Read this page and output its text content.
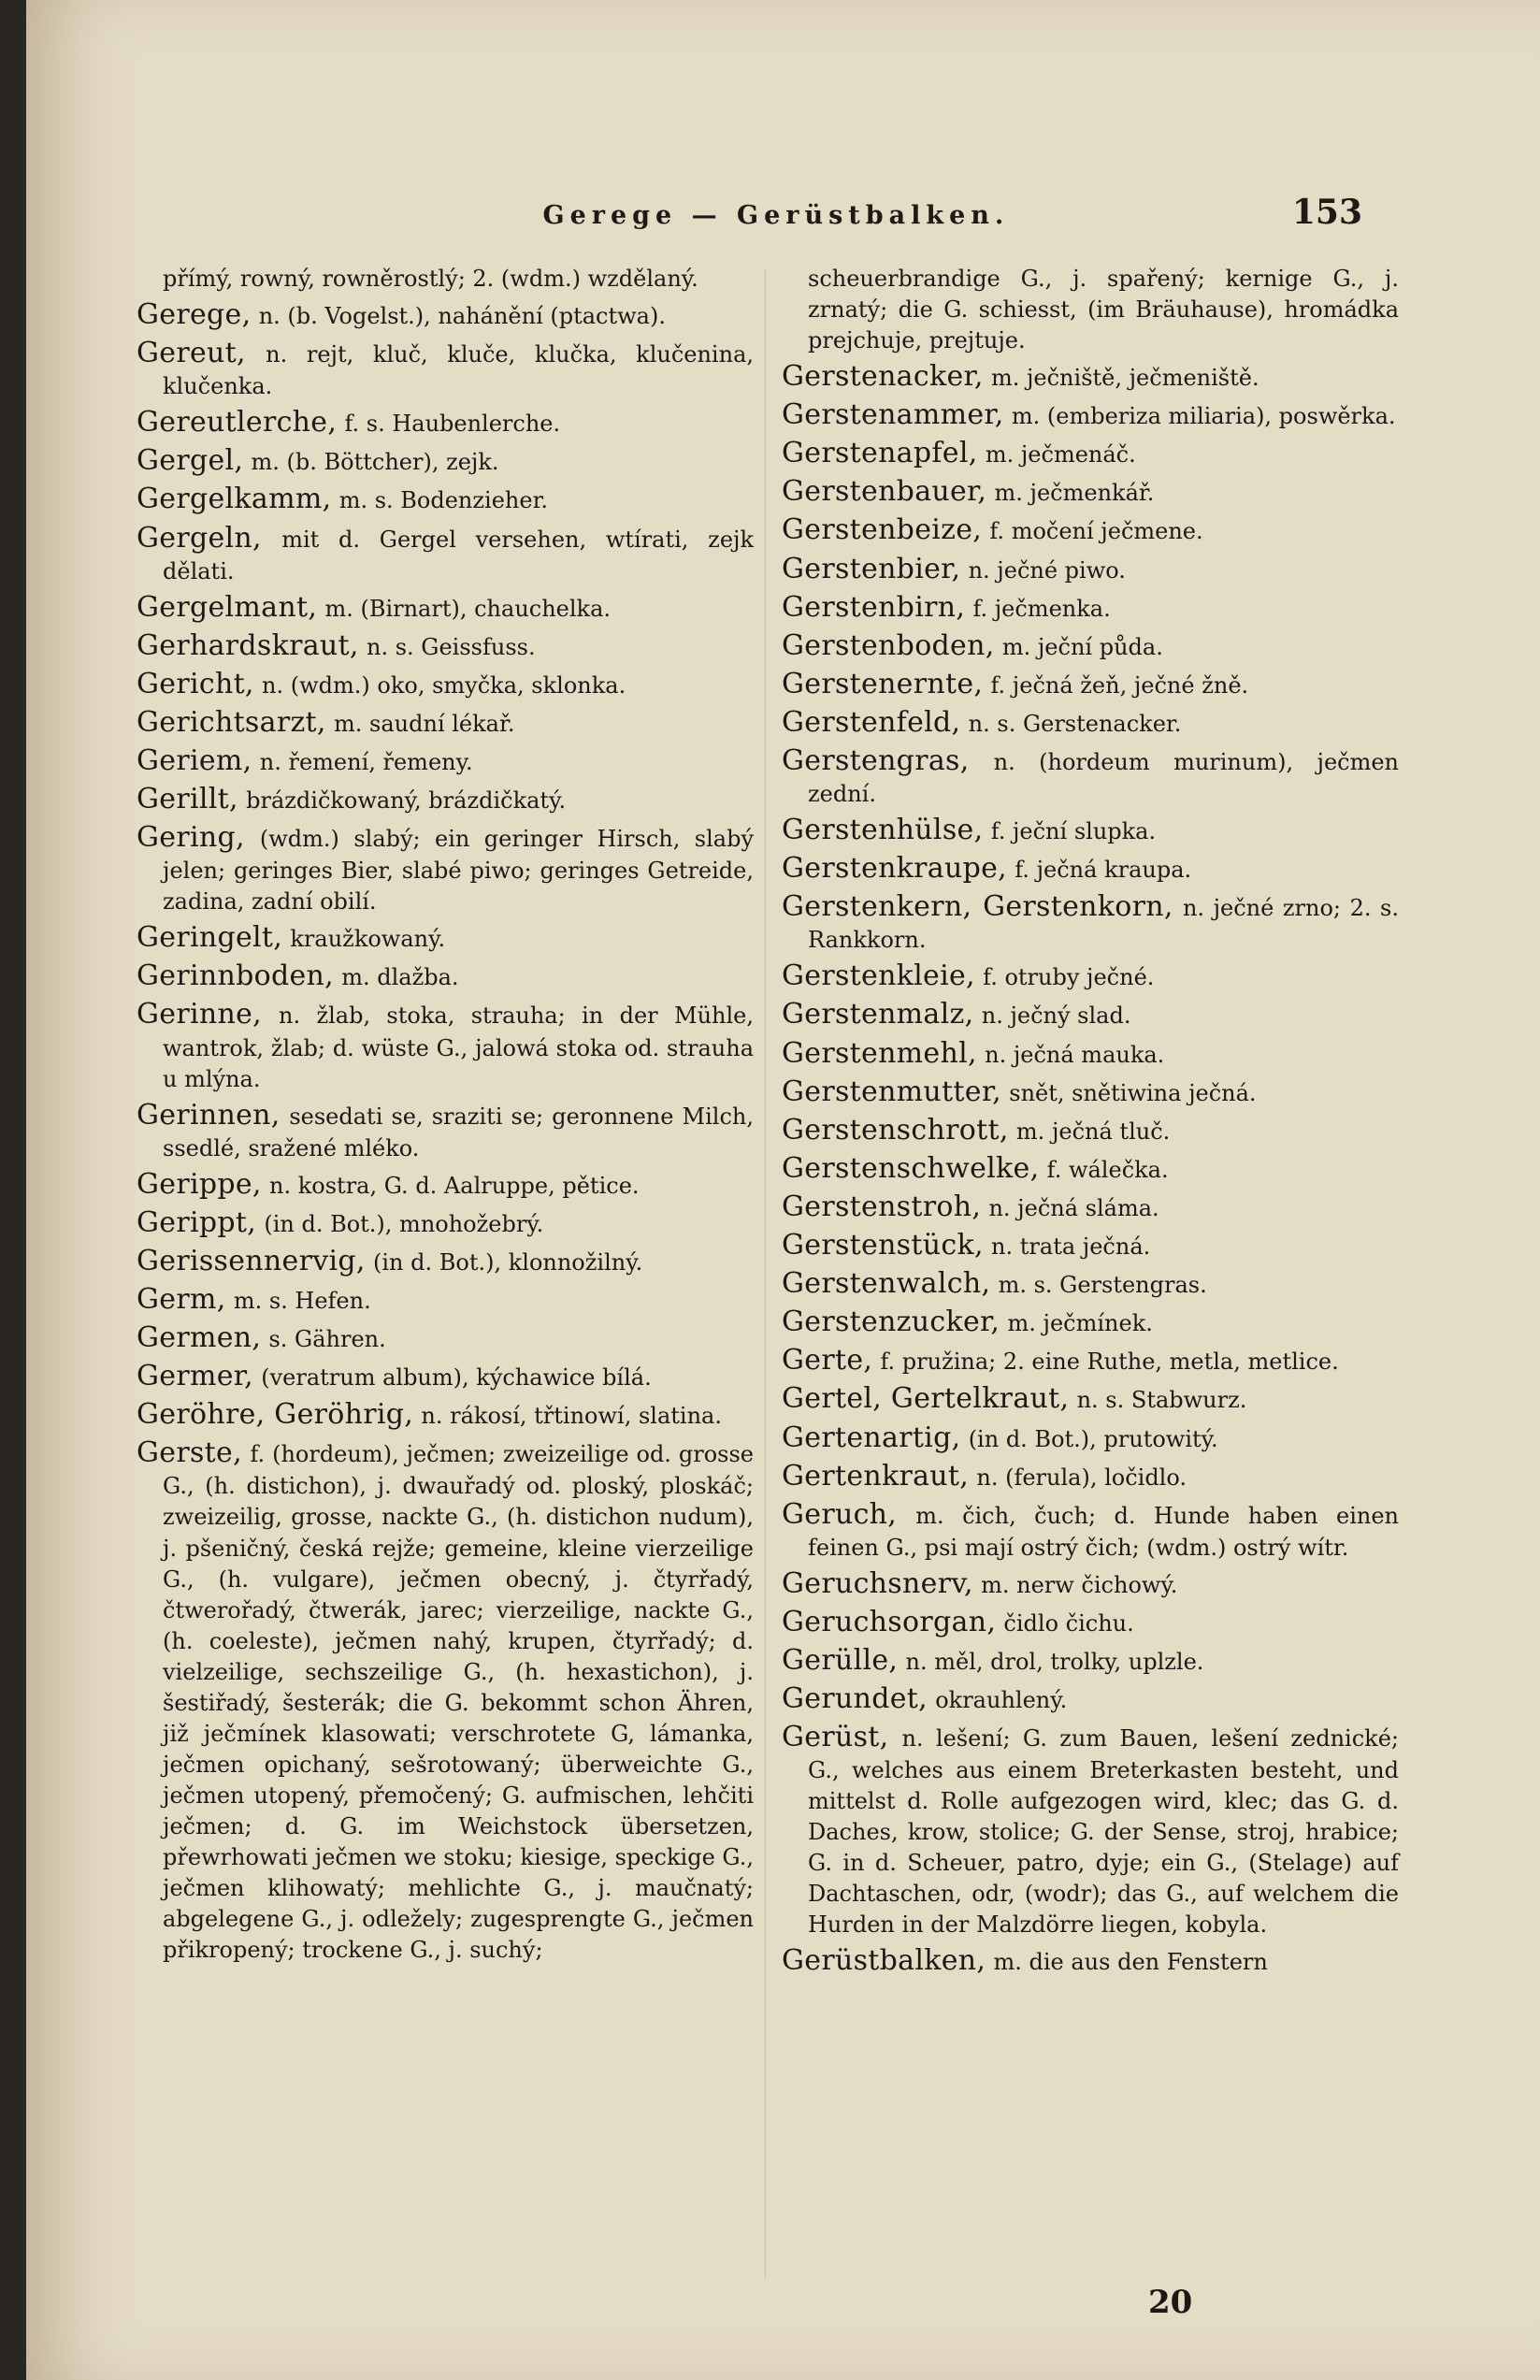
Gerege — Gerüstbalken.	153

přímý, rowný, rowněrostlý; 2. (wdm.) wzdělaný.

Gerege, n. (b. Vogelst.), nahánění (ptactwa).

Gereut, n. rejt, kluč, kluče, klučka, klučenina, klučenka.

Gereutlerche, f. s. Haubenlerche.

Gergel, m. (b. Böttcher), zejk.

Gergelkamm, m. s. Bodenzieher.

Gergeln, mit d. Gergel versehen, wtírati, zejk dělati.

Gergelmant, m. (Birnart), chauchelka.

Gerhardskraut, n. s. Geissfuss.

Gericht, n. (wdm.) oko, smyčka, sklonka.

Gerichtsarzt, m. saudní lékař.

Geriem, n. řemení, řemeny.

Gerillt, brázdičkowaný, brázdičkatý.

Gering, (wdm.) slabý; ein geringer Hirsch, slabý jelen; geringes Bier, slabé piwo; geringes Getreide, zadina, zadní obilí.

Geringelt, kraužkowaný.

Gerinnboden, m. dlažba.

Gerinne, n. žlab, stoka, strauha; in der Mühle, wantrok, žlab; d. wüste G., jalowá stoka od. strauha u mlýna.

Gerinnen, sesedati se, sraziti se; geronnene Milch, ssedlé, sražené mléko.

Gerippe, n. kostra, G. d. Aalruppe, pětice.

Gerippt, (in d. Bot.), mnohožebrý.

Gerissennervig, (in d. Bot.), klonnožilný.

Germ, m. s. Hefen.

Germen, s. Gähren.

Germer, (veratrum album), kýchawice bílá.

Geröhre, Geröhrig, n. rákosí, třtinowí, slatina.

Gerste, f. (hordeum), ječmen; zweizeilige od. grosse G., (h. distichon), j. dwauřadý od. ploský, ploskáč; zweizeilig, grosse, nackte G., (h. distichon nudum), j. pšeničný, česká rejže; gemeine, kleine vierzeilige G., (h. vulgare), ječmen obecný, j. čtyrřadý, čtwerořadý, čtwerák, jarec; vierzeilige, nackte G., (h. coeleste), ječmen nahý, krupen, čtyrřadý; d. vielzeilige, sechszeilige G., (h. hexastichon), j. šestiřadý, šesterák; die G. bekommt schon Ähren, již ječmínek klasowati; verschrotete G, lámanka, ječmen opichaný, sešrotowaný; überweichte G., ječmen utopený, přemočený; G. aufmischen, lehčiti ječmen; d. G. im Weichstock übersetzen, přewrhowati ječmen we stoku; kiesige, speckige G., ječmen klihowatý; mehlichte G., j. maučnatý; abgelegene G., j. odležely; zugesprengte G., ječmen přikropený; trockene G., j. suchý;

scheuerbrandige G., j. spařený; kernige G., j. zrnatý; die G. schiesst, (im Bräuhause), hromádka prejchuje, prejtuje.

Gerstenacker, m. ječniště, ječmeniště.

Gerstenammer, m. (emberiza miliaria), poswěrka.

Gerstenapfel, m. ječmenáč.

Gerstenbauer, m. ječmenkář.

Gerstenbeize, f. močení ječmene.

Gerstenbier, n. ječné piwo.

Gerstenbirn, f. ječmenka.

Gerstenboden, m. ječní půda.

Gerstenernte, f. ječná žeň, ječné žně.

Gerstenfeld, n. s. Gerstenacker.

Gerstengras, n. (hordeum murinum), ječmen zední.

Gerstenhülse, f. ječní slupka.

Gerstenkraupe, f. ječná kraupa.

Gerstenkern, Gerstenkorn, n. ječné zrno; 2. s. Rankkorn.

Gerstenkleie, f. otruby ječné.

Gerstenmalz, n. ječný slad.

Gerstenmehl, n. ječná mauka.

Gerstenmutter, snět, snětiwina ječná.

Gerstenschrott, m. ječná tluč.

Gerstenschwelke, f. wálečka.

Gerstenstroh, n. ječná sláma.

Gerstenstück, n. trata ječná.

Gerstenwalch, m. s. Gerstengras.

Gerstenzucker, m. ječmínek.

Gerte, f. pružina; 2. eine Ruthe, metla, metlice.

Gertel, Gertelkraut, n. s. Stabwurz.

Gertenartig, (in d. Bot.), prutowitý.

Gertenkraut, n. (ferula), ločidlo.

Geruch, m. čich, čuch; d. Hunde haben einen feinen G., psi mají ostrý čich; (wdm.) ostrý wítr.

Geruchsnerv, m. nerw čichowý.

Geruchsorgan, čidlo čichu.

Gerülle, n. měl, drol, trolky, uplzle.

Gerundet, okrauhlený.

Gerüst, n. lešení; G. zum Bauen, lešení zednické; G., welches aus einem Breterkasten besteht, und mittelst d. Rolle aufgezogen wird, klec; das G. d. Daches, krow, stolice; G. der Sense, stroj, hrabice; G. in d. Scheuer, patro, dyje; ein G., (Stelage) auf Dachtaschen, odr, (wodr); das G., auf welchem die Hurden in der Malzdörre liegen, kobyla.

Gerüstbalken, m. die aus den Fenstern

20
